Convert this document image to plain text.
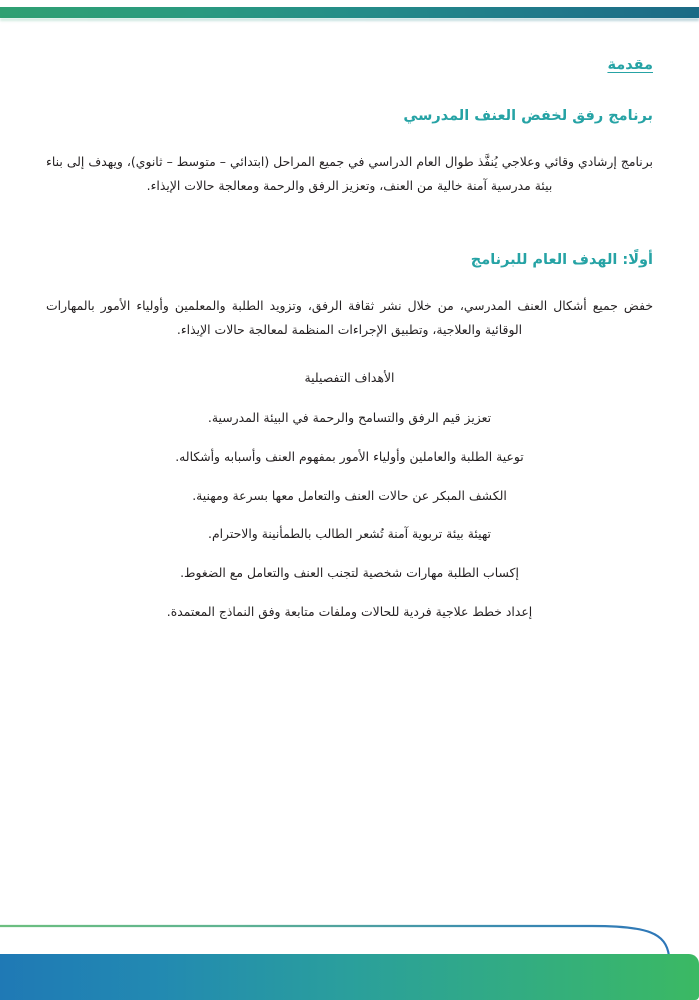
مقدمة
برنامج رفق لخفض العنف المدرسي

برنامج إرشادي وقائي وعلاجي يُنفَّذ طوال العام الدراسي في جميع المراحل (ابتدائي – متوسط – ثانوي)، ويهدف إلى بناء بيئة مدرسية آمنة خالية من العنف، وتعزيز الرفق والرحمة ومعالجة حالات الإيذاء.

أولًا: الهدف العام للبرنامج

خفض جميع أشكال العنف المدرسي، من خلال نشر ثقافة الرفق، وتزويد الطلبة والمعلمين وأولياء الأمور بالمهارات الوقائية والعلاجية، وتطبيق الإجراءات المنظمة لمعالجة حالات الإيذاء.

الأهداف التفصيلية
تعزيز قيم الرفق والتسامح والرحمة في البيئة المدرسية.
توعية الطلبة والعاملين وأولياء الأمور بمفهوم العنف وأسبابه وأشكاله.
الكشف المبكر عن حالات العنف والتعامل معها بسرعة ومهنية.
تهيئة بيئة تربوية آمنة تُشعر الطالب بالطمأنينة والاحترام.
إكساب الطلبة مهارات شخصية لتجنب العنف والتعامل مع الضغوط.
إعداد خطط علاجية فردية للحالات وملفات متابعة وفق النماذج المعتمدة.
